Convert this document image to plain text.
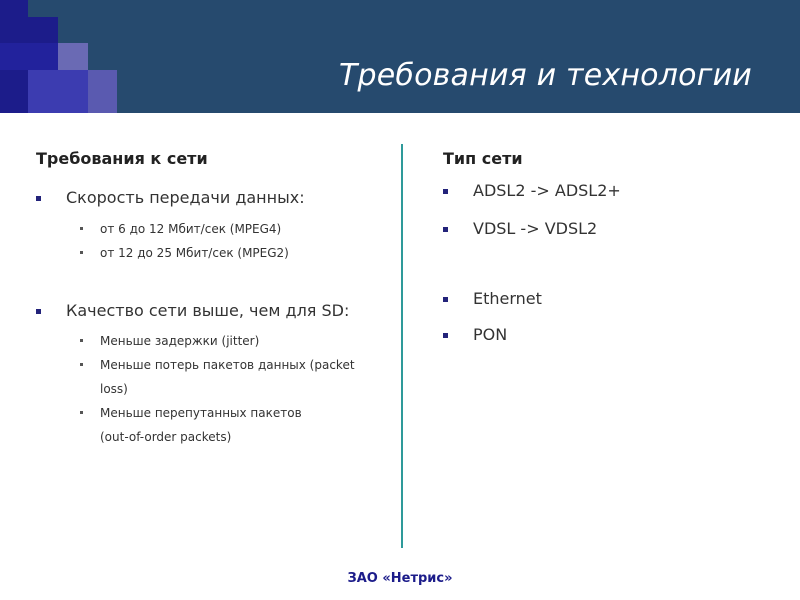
Требования и технологии
Требования к сети
Скорость передачи данных:
от 6 до 12 Мбит/сек (MPEG4)
от 12 до 25 Мбит/сек (MPEG2)
Качество сети выше, чем для SD:
Меньше задержки (jitter)
Меньше потерь пакетов данных (packet
loss)
Меньше перепутанных пакетов
(out-of-order packets)
Тип сети
ADSL2 -> ADSL2+
VDSL -> VDSL2
Ethernet
PON
ЗАО «Нетрис»
